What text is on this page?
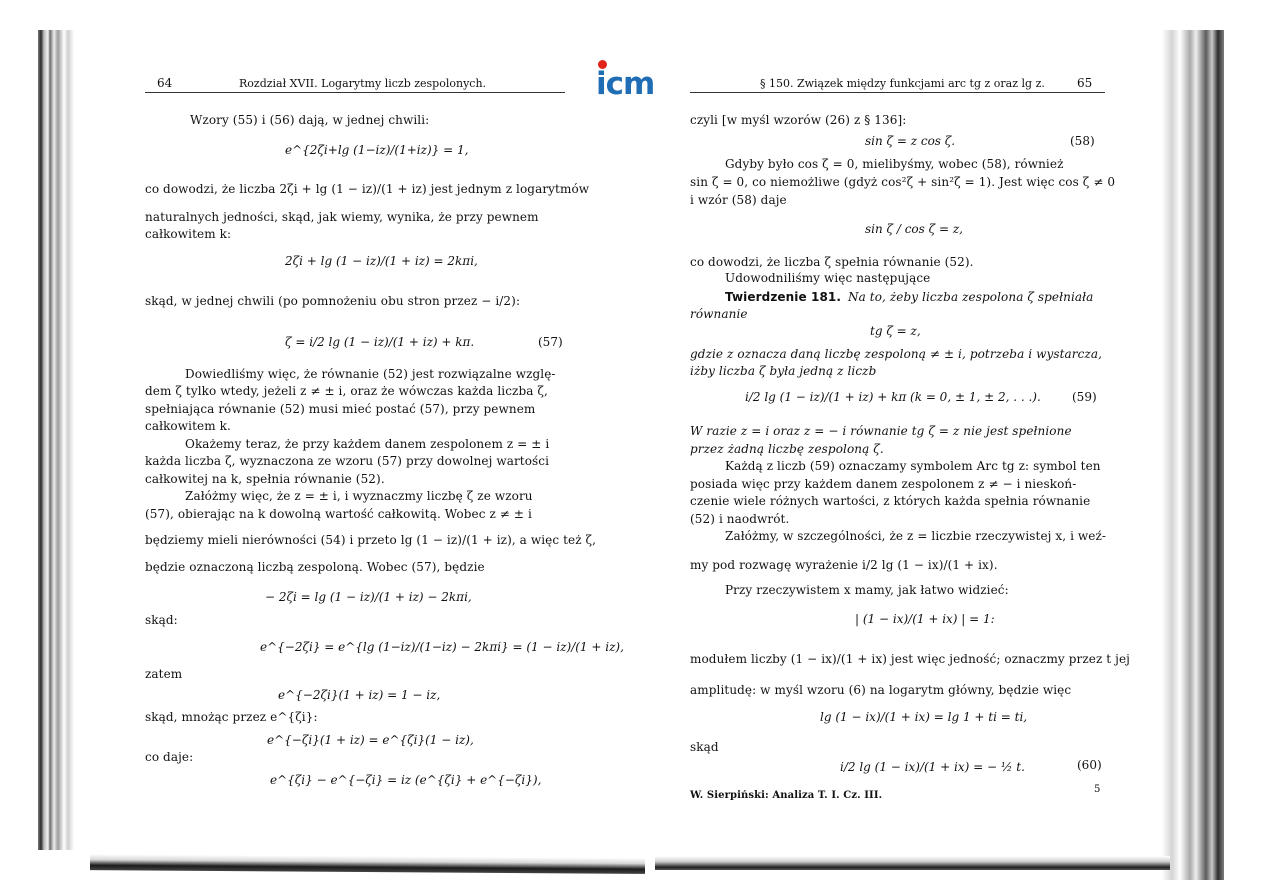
icm
64	Rozdział XVII. Logarytmy liczb zespolonych.
Wzory (55) i (56) dają, w jednej chwili:
e^{2ζi+lg (1−iz)/(1+iz)} = 1,
co dowodzi, że liczba 2ζi + lg (1 − iz)/(1 + iz) jest jednym z logarytmów
naturalnych jedności, skąd, jak wiemy, wynika, że przy pewnem
całkowitem k:
2ζi + lg (1 − iz)/(1 + iz) = 2kπi,
skąd, w jednej chwili (po pomnożeniu obu stron przez − i/2):
ζ = i/2 lg (1 − iz)/(1 + iz) + kπ.	(57)
Dowiedliśmy więc, że równanie (52) jest rozwiązalne wzglę-
dem ζ tylko wtedy, jeżeli z ≠ ± i, oraz że wówczas każda liczba ζ,
spełniająca równanie (52) musi mieć postać (57), przy pewnem
całkowitem k.
Okażemy teraz, że przy każdem danem zespolonem z = ± i
każda liczba ζ, wyznaczona ze wzoru (57) przy dowolnej wartości
całkowitej na k, spełnia równanie (52).
Załóżmy więc, że z = ± i, i wyznaczmy liczbę ζ ze wzoru
(57), obierając na k dowolną wartość całkowitą. Wobec z ≠ ± i
będziemy mieli nierówności (54) i przeto lg (1 − iz)/(1 + iz), a więc też ζ,
będzie oznaczoną liczbą zespoloną. Wobec (57), będzie
− 2ζi = lg (1 − iz)/(1 + iz) − 2kπi,
skąd:
e^{−2ζi} = e^{lg (1−iz)/(1−iz) − 2kπi} = (1 − iz)/(1 + iz),
zatem
e^{−2ζi}(1 + iz) = 1 − iz,
skąd, mnożąc przez e^{ζi}:
e^{−ζi}(1 + iz) = e^{ζi}(1 − iz),
co daje:
e^{ζi} − e^{−ζi} = iz (e^{ζi} + e^{−ζi}),
§ 150. Związek między funkcjami arc tg z oraz lg z.	65
czyli [w myśl wzorów (26) z § 136]:
sin ζ = z cos ζ.	(58)
Gdyby było cos ζ = 0, mielibyśmy, wobec (58), również
sin ζ = 0, co niemożliwe (gdyż cos²ζ + sin²ζ = 1). Jest więc cos ζ ≠ 0
i wzór (58) daje
sin ζ / cos ζ = z,
co dowodzi, że liczba ζ spełnia równanie (52).
Udowodniliśmy więc następujące
Twierdzenie 181. Na to, żeby liczba zespolona ζ spełniała
równanie
tg ζ = z,
gdzie z oznacza daną liczbę zespoloną ≠ ± i, potrzeba i wystarcza,
iżby liczba ζ była jedną z liczb
i/2 lg (1 − iz)/(1 + iz) + kπ (k = 0, ± 1, ± 2, . . .).	(59)
W razie z = i oraz z = − i równanie tg ζ = z nie jest spełnione
przez żadną liczbę zespoloną ζ.
Każdą z liczb (59) oznaczamy symbolem Arc tg z: symbol ten
posiada więc przy każdem danem zespolonem z ≠ − i nieskoń-
czenie wiele różnych wartości, z których każda spełnia równanie
(52) i naodwrót.
Załóżmy, w szczególności, że z = liczbie rzeczywistej x, i weź-
my pod rozwagę wyrażenie i/2 lg (1 − ix)/(1 + ix).
Przy rzeczywistem x mamy, jak łatwo widzieć:
| (1 − ix)/(1 + ix) | = 1:
modułem liczby (1 − ix)/(1 + ix) jest więc jedność; oznaczmy przez t jej
amplitudę: w myśl wzoru (6) na logarytm główny, będzie więc
lg (1 − ix)/(1 + ix) = lg 1 + ti = ti,
skąd
i/2 lg (1 − ix)/(1 + ix) = − ½ t.	(60)
W. Sierpiński: Analiza T. I. Cz. III.
5
